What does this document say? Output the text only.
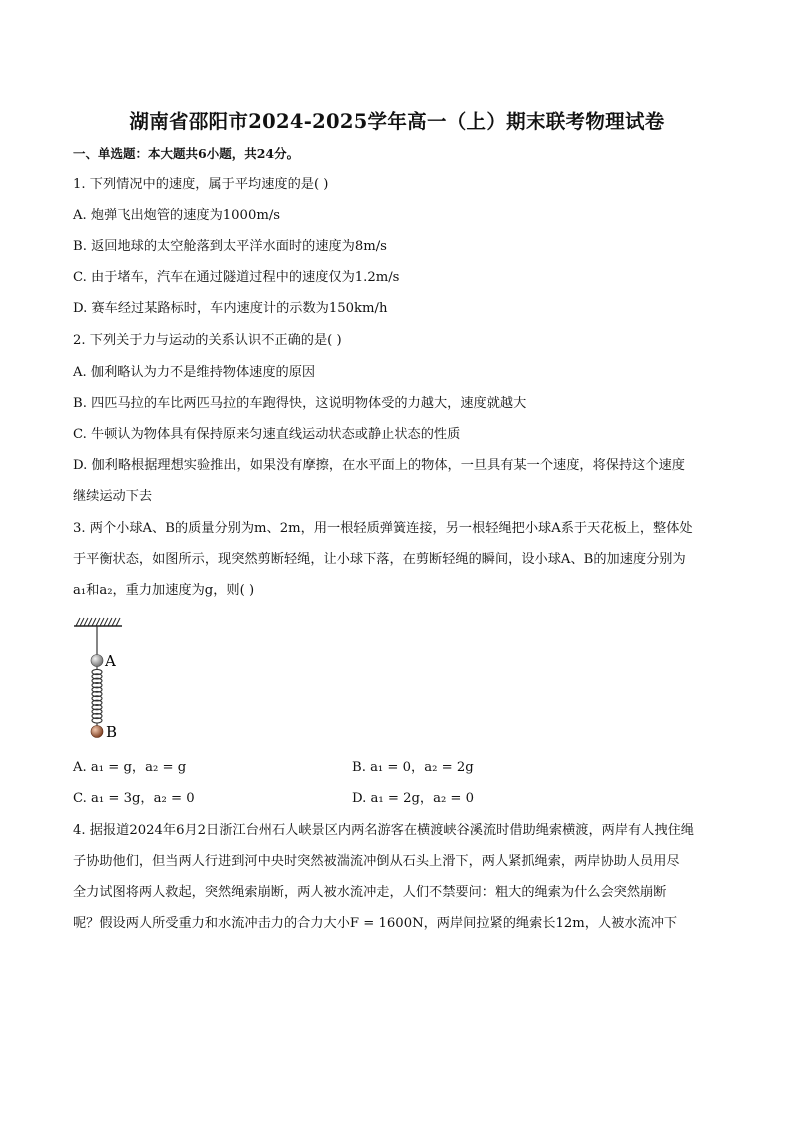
湖南省邵阳市2024-2025学年高一（上）期末联考物理试卷
一、单选题：本大题共6小题，共24分。
1. 下列情况中的速度，属于平均速度的是( )
A. 炮弹飞出炮管的速度为1000m/s
B. 返回地球的太空舱落到太平洋水面时的速度为8m/s
C. 由于堵车，汽车在通过隧道过程中的速度仅为1.2m/s
D. 赛车经过某路标时，车内速度计的示数为150km/h
2. 下列关于力与运动的关系认识不正确的是( )
A. 伽利略认为力不是维持物体速度的原因
B. 四匹马拉的车比两匹马拉的车跑得快，这说明物体受的力越大，速度就越大
C. 牛顿认为物体具有保持原来匀速直线运动状态或静止状态的性质
D. 伽利略根据理想实验推出，如果没有摩擦，在水平面上的物体，一旦具有某一个速度，将保持这个速度
继续运动下去
3. 两个小球A、B的质量分别为m、2m，用一根轻质弹簧连接，另一根轻绳把小球A系于天花板上，整体处
于平衡状态，如图所示，现突然剪断轻绳，让小球下落，在剪断轻绳的瞬间，设小球A、B的加速度分别为
a₁和a₂，重力加速度为g，则( )
A
B
A. a₁ = g，a₂ = g	B. a₁ = 0，a₂ = 2g
C. a₁ = 3g，a₂ = 0	D. a₁ = 2g，a₂ = 0
4. 据报道2024年6月2日浙江台州石人峡景区内两名游客在横渡峡谷溪流时借助绳索横渡，两岸有人拽住绳
子协助他们，但当两人行进到河中央时突然被湍流冲倒从石头上滑下，两人紧抓绳索，两岸协助人员用尽
全力试图将两人救起，突然绳索崩断，两人被水流冲走，人们不禁要问：粗大的绳索为什么会突然崩断
呢？假设两人所受重力和水流冲击力的合力大小F = 1600N，两岸间拉紧的绳索长12m，人被水流冲下
